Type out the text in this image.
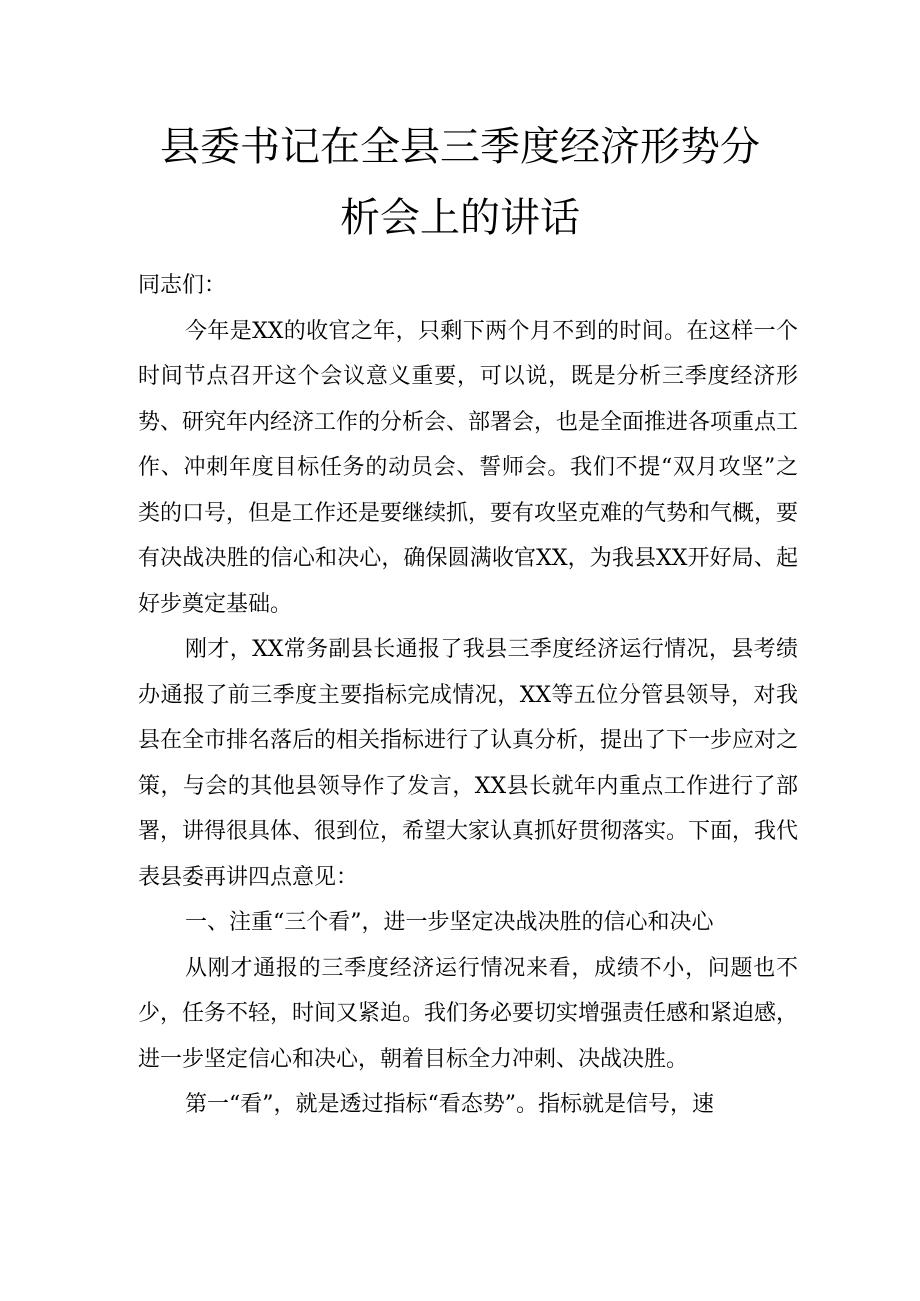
县委书记在全县三季度经济形势分
析会上的讲话

同志们：

今年是XX的收官之年，只剩下两个月不到的时间。在这样一个时间节点召开这个会议意义重要，可以说，既是分析三季度经济形势、研究年内经济工作的分析会、部署会，也是全面推进各项重点工作、冲刺年度目标任务的动员会、誓师会。我们不提“双月攻坚”之类的口号，但是工作还是要继续抓，要有攻坚克难的气势和气概，要有决战决胜的信心和决心，确保圆满收官XX，为我县XX开好局、起好步奠定基础。

刚才，XX常务副县长通报了我县三季度经济运行情况，县考绩办通报了前三季度主要指标完成情况，XX等五位分管县领导，对我县在全市排名落后的相关指标进行了认真分析，提出了下一步应对之策，与会的其他县领导作了发言，XX县长就年内重点工作进行了部署，讲得很具体、很到位，希望大家认真抓好贯彻落实。下面，我代表县委再讲四点意见：

一、注重“三个看”，进一步坚定决战决胜的信心和决心

从刚才通报的三季度经济运行情况来看，成绩不小，问题也不少，任务不轻，时间又紧迫。我们务必要切实增强责任感和紧迫感，进一步坚定信心和决心，朝着目标全力冲刺、决战决胜。

第一“看”，就是透过指标“看态势”。指标就是信号，速
